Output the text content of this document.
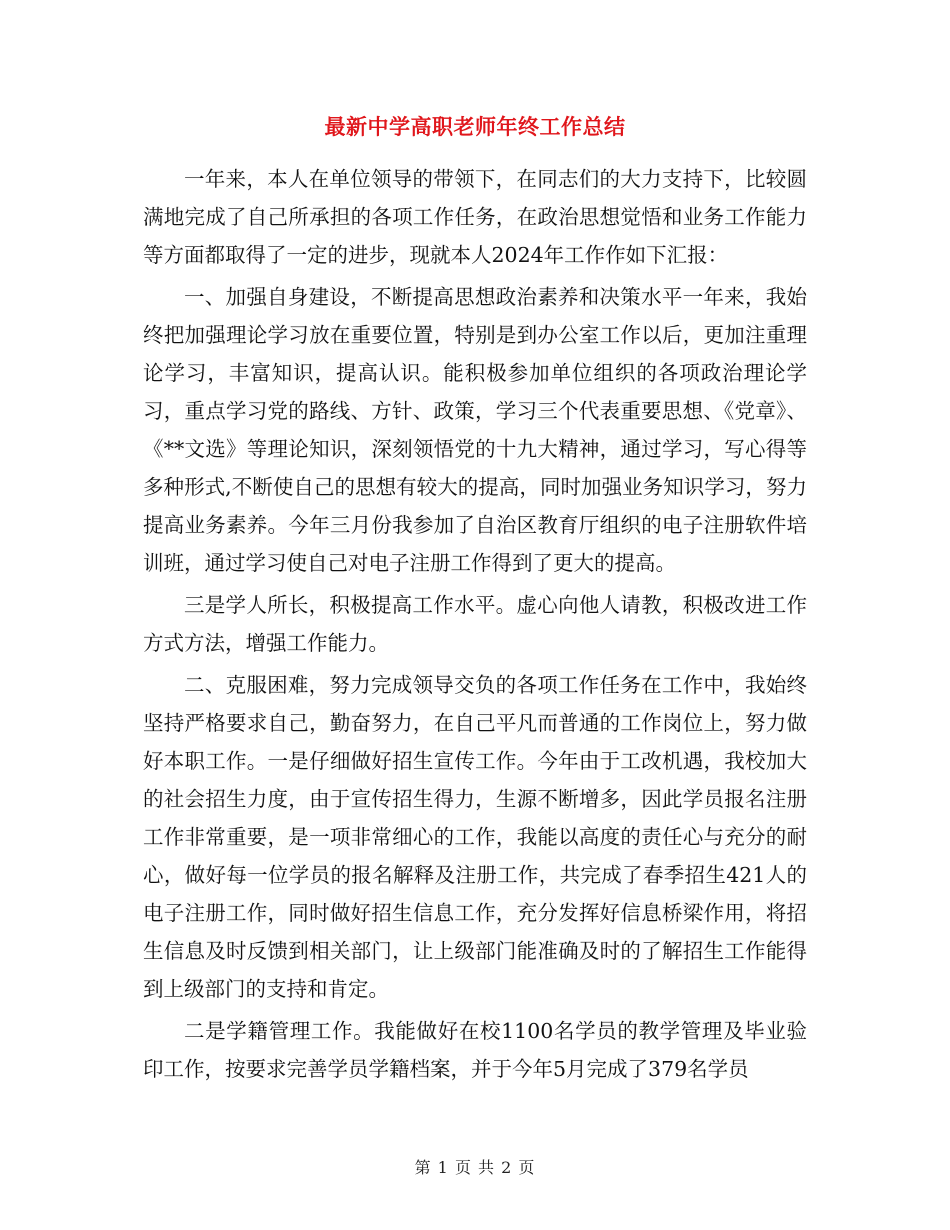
最新中学高职老师年终工作总结

一年来，本人在单位领导的带领下，在同志们的大力支持下，比较圆满地完成了自己所承担的各项工作任务，在政治思想觉悟和业务工作能力等方面都取得了一定的进步，现就本人2024年工作作如下汇报：

一、加强自身建设，不断提高思想政治素养和决策水平一年来，我始终把加强理论学习放在重要位置，特别是到办公室工作以后，更加注重理论学习，丰富知识，提高认识。能积极参加单位组织的各项政治理论学习，重点学习党的路线、方针、政策，学习三个代表重要思想、《党章》、《**文选》等理论知识，深刻领悟党的十九大精神，通过学习，写心得等多种形式,不断使自己的思想有较大的提高，同时加强业务知识学习，努力提高业务素养。今年三月份我参加了自治区教育厅组织的电子注册软件培训班，通过学习使自己对电子注册工作得到了更大的提高。

三是学人所长，积极提高工作水平。虚心向他人请教，积极改进工作方式方法，增强工作能力。

二、克服困难，努力完成领导交负的各项工作任务在工作中，我始终坚持严格要求自己，勤奋努力，在自己平凡而普通的工作岗位上，努力做好本职工作。一是仔细做好招生宣传工作。今年由于工改机遇，我校加大的社会招生力度，由于宣传招生得力，生源不断增多，因此学员报名注册工作非常重要，是一项非常细心的工作，我能以高度的责任心与充分的耐心，做好每一位学员的报名解释及注册工作，共完成了春季招生421人的电子注册工作，同时做好招生信息工作，充分发挥好信息桥梁作用，将招生信息及时反馈到相关部门，让上级部门能准确及时的了解招生工作能得到上级部门的支持和肯定。

二是学籍管理工作。我能做好在校1100名学员的教学管理及毕业验印工作，按要求完善学员学籍档案，并于今年5月完成了379名学员

第 1 页 共 2 页
